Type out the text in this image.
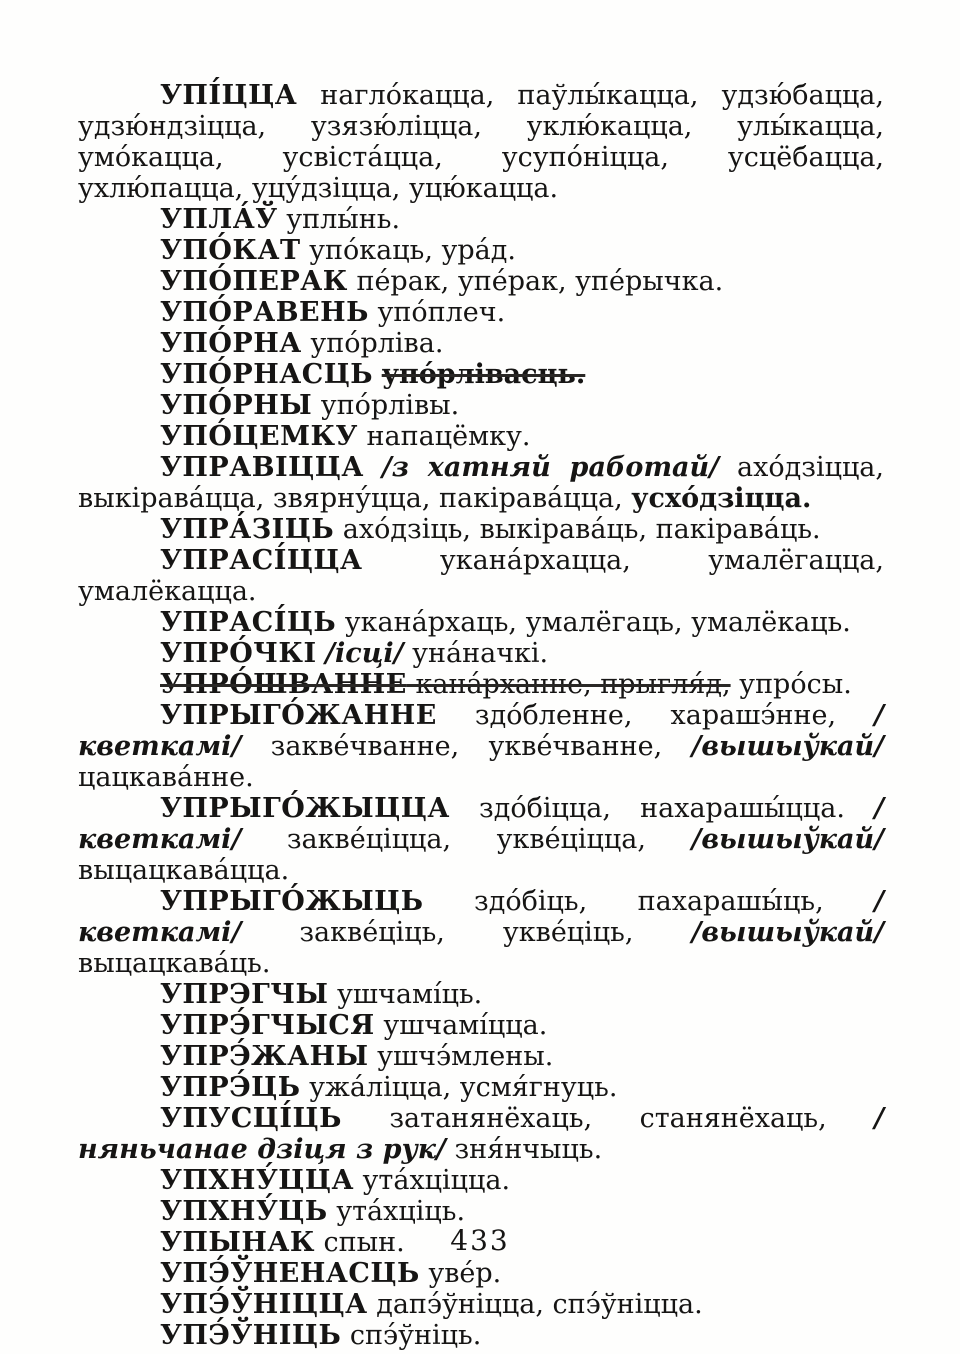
УПІ́ЦЦА нагло́кацца, паўлы́кацца, удзю́бацца, удзю́ндзіцца, узязю́ліцца, уклю́кацца, улы́кацца, умо́кацца, усвіста́цца, усупо́ніцца, усцёбацца, ухлю́пацца, уцу́дзіцца, уцю́кацца.

УПЛА́Ў уплы́нь.

УПО́КАТ упо́каць, ура́д.

УПО́ПЕРАК пе́рак, упе́рак, упе́рычка.

УПО́РАВЕНЬ упо́плеч.

УПО́РНА упо́рліва.

УПО́РНАСЦЬ упо́рлівасць.

УПО́РНЫ упо́рлівы.

УПО́ЦЕМКУ напацёмку.

УПРАВІЦЦА /з хатняй работай/ ахо́дзіцца, выкірава́цца, звярну́цца, пакірава́цца, усхо́дзіцца.

УПРА́ЗІЦЬ ахо́дзіць, выкірава́ць, пакірава́ць.

УПРАСІ́ЦЦА укана́рхацца, умалёгацца, умалёкацца.

УПРАСІ́ЦЬ укана́рхаць, умалёгаць, умалёкаць.

УПРО́ЧКІ /ісці/ уна́начкі.

УПРО́ШВАННЕ кана́рханне, прыгля́д, упро́сы.

УПРЫГО́ЖАННЕ здо́бленне, харашэ́нне, /кветкамі/ закве́чванне, укве́чванне, /вышыўкай/ цацкава́нне.

УПРЫГО́ЖЫЦЦА здо́біцца, нахарашы́цца. /кветкамі/ закве́ціцца, укве́ціцца, /вышыўкай/ выцацкава́цца.

УПРЫГО́ЖЫЦЬ здо́біць, пахарашы́ць, /кветкамі/ закве́ціць, укве́ціць, /вышыўкай/ выцацкава́ць.

УПРЭГЧЫ ушчамі́ць.

УПРЭ́ГЧЫСЯ ушчамі́цца.

УПРЭ́ЖАНЫ ушчэ́млены.

УПРЭ́ЦЬ ужа́ліцца, усмя́гнуць.

УПУСЦІ́ЦЬ затанянёхаць, станянёхаць, /няньчанае дзіця з рук/ зня́нчыць.

УПХНУ́ЦЦА ута́хціцца.

УПХНУ́ЦЬ ута́хціць.

УПЫНАК спын.

УПЭ́ЎНЕНАСЦЬ уве́р.

УПЭ́ЎНІЦЦА дапэ́ўніцца, спэ́ўніцца.

УПЭ́ЎНІЦЬ спэ́ўніць.

433
